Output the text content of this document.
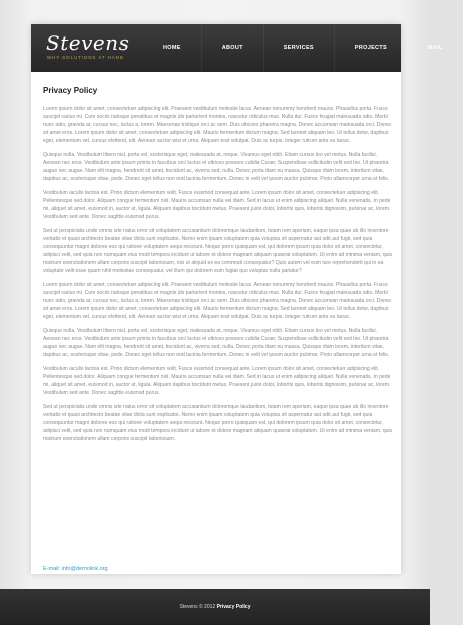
Stevens
WHY SOLUTIONS AT HAND
HOME	ABOUT US
SERVICES	PROJECTS	MAIL
Privacy Policy

Lorem ipsum dolor sit amet, consectetuer adipiscing elit. Praesent vestibulum molestie lacus. Aenean nonummy hendrerit mauris. Phasellus porta. Fusce suscipit varius mi. Cum sociis natoque penatibus et magnis dis parturient montes, nascetur ridiculus mus. Nulla dui. Fusce feugiat malesuada odio. Morbi nunc odio, gravida at, cursus nec, luctus a, lorem. Maecenas tristique orci ac sem. Duis ultricies pharetra magna. Donec accumsan malesuada orci. Donec sit amet eros. Lorem ipsum dolor sit amet, consectetuer adipiscing elit. Mauris fermentum dictum magna. Sed laoreet aliquam leo. Ut tellus dolor, dapibus eget, elementum vel, cursus eleifend, elit. Aenean auctor wisi et urna. Aliquam erat volutpat. Duis ac turpis. Integer rutrum ante eu lacus.

Quisque nulla. Vestibulum libero nisl, porta vel, scelerisque eget, malesuada at, neque. Vivamus eget nibh. Etiam cursus leo vel metus. Nulla facilisi. Aenean nec eros. Vestibulum ante ipsum primis in faucibus orci luctus et ultrices posuere cubilia Curae; Suspendisse sollicitudin velit sed leo. Ut pharetra augue nec augue. Nam elit magna, hendrerit sit amet, tincidunt ac, viverra sed, nulla. Donec porta diam eu massa. Quisque diam lorem, interdum vitae, dapibus ac, scelerisque vitae, pede. Donec eget tellus non erat lacinia fermentum. Donec in velit vel ipsum auctor pulvinar. Proin ullamcorper urna et felis.

Vestibulum iaculis lacinia est. Proin dictum elementum velit. Fusce euismod consequat ante. Lorem ipsum dolor sit amet, consectetuer adipiscing elit. Pellentesque sed dolor. Aliquam congue fermentum nisl. Mauris accumsan nulla vel diam. Sed in lacus ut enim adipiscing aliquet. Nulla venenatis. In pede mi, aliquet sit amet, euismod in, auctor ut, ligula. Aliquam dapibus tincidunt metus. Praesent justo dolor, lobortis quis, lobortis dignissim, pulvinar ac, lorem. Vestibulum sed ante. Donec sagittis euismod purus.

Sed ut perspiciatis unde omnis iste natus error sit voluptatem accusantium doloremque laudantium, totam rem aperiam, eaque ipsa quae ab illo inventore veritatis et quasi architecto beatae vitae dicta sunt explicabo. Nemo enim ipsam voluptatem quia voluptas sit aspernatur aut odit aut fugit, sed quia consequuntur magni dolores eos qui ratione voluptatem sequi nesciunt. Neque porro quisquam est, qui dolorem ipsum quia dolor sit amet, consectetur, adipisci velit, sed quia non numquam eius modi tempora incidunt ut labore et dolore magnam aliquam quaerat voluptatem. Ut enim ad minima veniam, quis nostrum exercitationem ullam corporis suscipit laboriosam, nisi ut aliquid ex ea commodi consequatur? Quis autem vel eum iure reprehenderit qui in ea voluptate velit esse quam nihil molestiae consequatur, vel illum qui dolorem eum fugiat quo voluptas nulla pariatur?

Lorem ipsum dolor sit amet, consectetuer adipiscing elit. Praesent vestibulum molestie lacus. Aenean nonummy hendrerit mauris. Phasellus porta. Fusce suscipit varius mi. Cum sociis natoque penatibus et magnis dis parturient montes, nascetur ridiculus mus. Nulla dui. Fusce feugiat malesuada odio. Morbi nunc odio, gravida at, cursus nec, luctus a, lorem. Maecenas tristique orci ac sem. Duis ultricies pharetra magna. Donec accumsan malesuada orci. Donec sit amet eros. Lorem ipsum dolor sit amet, consectetuer adipiscing elit. Mauris fermentum dictum magna. Sed laoreet aliquam leo. Ut tellus dolor, dapibus eget, elementum vel, cursus eleifend, elit. Aenean auctor wisi et urna. Aliquam erat volutpat. Duis ac turpis. Integer rutrum ante eu lacus.

Quisque nulla. Vestibulum libero nisl, porta vel, scelerisque eget, malesuada at, neque. Vivamus eget nibh. Etiam cursus leo vel metus. Nulla facilisi. Aenean nec eros. Vestibulum ante ipsum primis in faucibus orci luctus et ultrices posuere cubilia Curae; Suspendisse sollicitudin velit sed leo. Ut pharetra augue nec augue. Nam elit magna, hendrerit sit amet, tincidunt ac, viverra sed, nulla. Donec porta diam eu massa. Quisque diam lorem, interdum vitae, dapibus ac, scelerisque vitae, pede. Donec eget tellus non erat lacinia fermentum. Donec in velit vel ipsum auctor pulvinar. Proin ullamcorper urna et felis.

Vestibulum iaculis lacinia est. Proin dictum elementum velit. Fusce euismod consequat ante. Lorem ipsum dolor sit amet, consectetuer adipiscing elit. Pellentesque sed dolor. Aliquam congue fermentum nisl. Mauris accumsan nulla vel diam. Sed in lacus ut enim adipiscing aliquet. Nulla venenatis. In pede mi, aliquet sit amet, euismod in, auctor ut, ligula. Aliquam dapibus tincidunt metus. Praesent justo dolor, lobortis quis, lobortis dignissim, pulvinar ac, lorem. Vestibulum sed ante. Donec sagittis euismod purus.

Sed ut perspiciatis unde omnis iste natus error sit voluptatem accusantium doloremque laudantium, totam rem aperiam, eaque ipsa quae ab illo inventore veritatis et quasi architecto beatae vitae dicta sunt explicabo. Nemo enim ipsam voluptatem quia voluptas sit aspernatur aut odit aut fugit, sed quia consequuntur magni dolores eos qui ratione voluptatem sequi nesciunt. Neque porro quisquam est, qui dolorem ipsum quia dolor sit amet, consectetur, adipisci velit, sed quia non numquam eius modi tempora incidunt ut labore et dolore magnam aliquam quaerat voluptatem. Ut enim ad minima veniam, quis nostrum exercitationem ullam corporis suscipit laboriosam.

E-mail: info@demolink.org
Stevens © 2012 Privacy Policy
